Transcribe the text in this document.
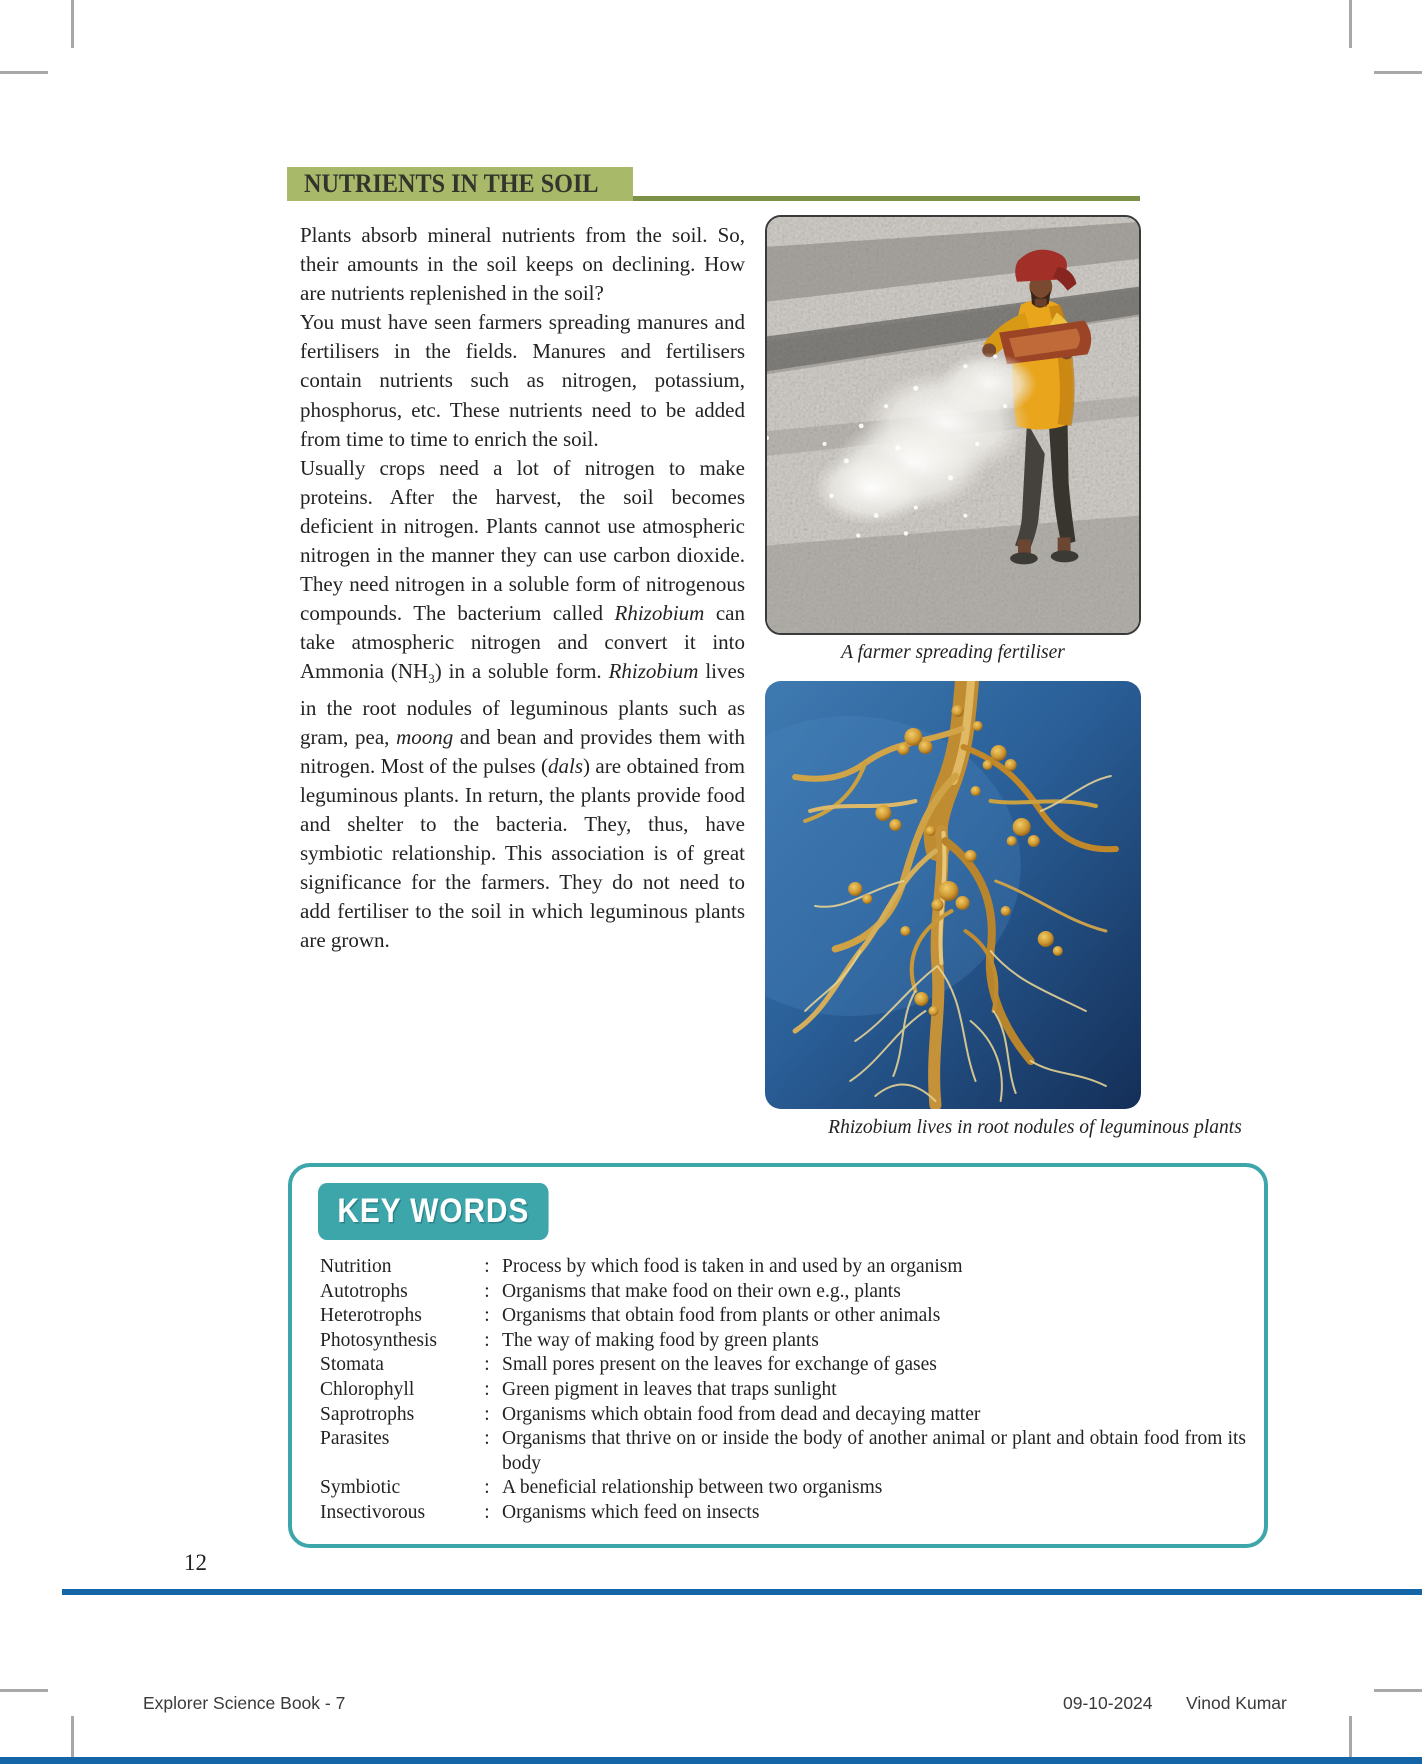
NUTRIENTS IN THE SOIL

Plants absorb mineral nutrients from the soil. So, their amounts in the soil keeps on declining. How are nutrients replenished in the soil?

You must have seen farmers spreading manures and fertilisers in the fields. Manures and fertilisers contain nutrients such as nitrogen, potassium, phosphorus, etc. These nutrients need to be added from time to time to enrich the soil.

Usually crops need a lot of nitrogen to make proteins. After the harvest, the soil becomes deficient in nitrogen. Plants cannot use atmospheric nitrogen in the manner they can use carbon dioxide. They need nitrogen in a soluble form of nitrogenous compounds. The bacterium called Rhizobium can take atmospheric nitrogen and convert it into Ammonia $(NH_3)$ in a soluble form. Rhizobium lives in the root nodules of leguminous plants such as gram, pea, moong and bean and provides them with nitrogen. Most of the pulses (dals) are obtained from leguminous plants. In return, the plants provide food and shelter to the bacteria. They, thus, have symbiotic relationship. This association is of great significance for the farmers. They do not need to add fertiliser to the soil in which leguminous plants are grown.

A farmer spreading fertiliser
Rhizobium lives in root nodules of leguminous plants
KEY WORDS
Nutrition	: Process by which food is taken in and used by an organism
Autotrophs	: Organisms that make food on their own e.g., plants
Heterotrophs	: Organisms that obtain food from plants or other animals
Photosynthesis	: The way of making food by green plants
Stomata	: Small pores present on the leaves for exchange of gases
Chlorophyll	: Green pigment in leaves that traps sunlight
Saprotrophs	: Organisms which obtain food from dead and decaying matter
Parasites	: Organisms that thrive on or inside the body of another animal or plant and obtain food from its body
Symbiotic	: A beneficial relationship between two organisms
Insectivorous	: Organisms which feed on insects
12
Explorer Science Book - 7	09-10-2024 Vinod Kumar
